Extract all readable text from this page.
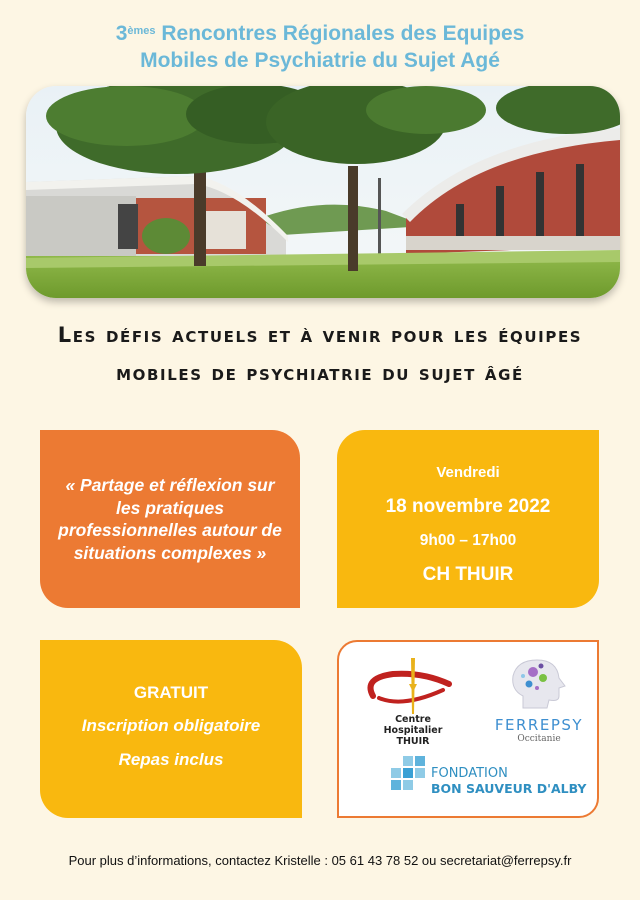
3èmes Rencontres Régionales des Equipes
Mobiles de Psychiatrie du Sujet Agé
Les défis actuels et à venir pour les équipes
mobiles de psychiatrie du sujet âgé
« Partage et réflexion sur les pratiques professionnelles autour de situations complexes »
Vendredi
18 novembre 2022
9h00 – 17h00
CH THUIR
GRATUIT
Inscription obligatoire
Repas inclus
Centre Hospitalier
THUIR
FERREPSY
Occitanie
FONDATION
BON SAUVEUR D'ALBY
Pour plus d’informations, contactez Kristelle : 05 61 43 78 52 ou secretariat@ferrepsy.fr
